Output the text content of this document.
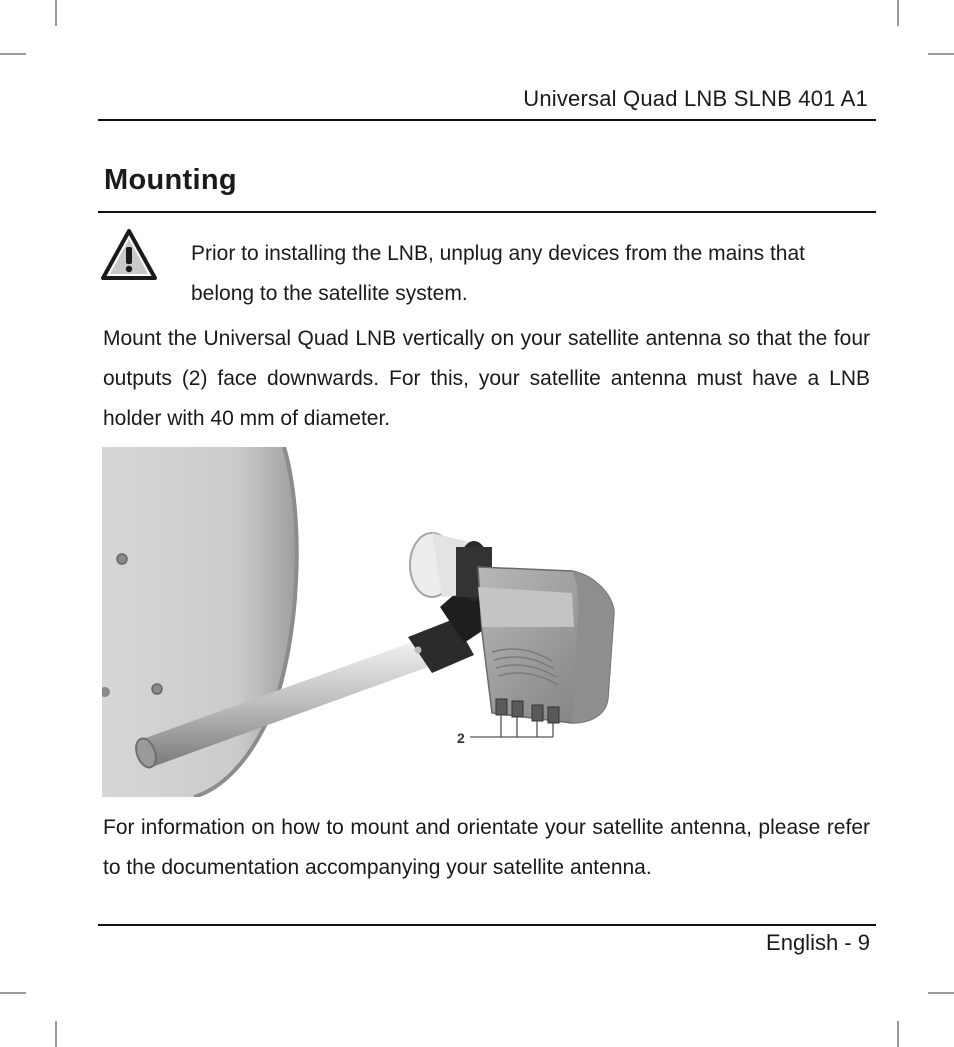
Universal Quad LNB SLNB 401 A1
Mounting
Prior to installing the LNB, unplug any devices from the mains that belong to the satellite system.
Mount the Universal Quad LNB vertically on your satellite antenna so that the four outputs (2) face downwards. For this, your satellite antenna must have a LNB holder with 40 mm of diameter.
2
For information on how to mount and orientate your satellite antenna, please refer to the documentation accompanying your satellite antenna.
English - 9
